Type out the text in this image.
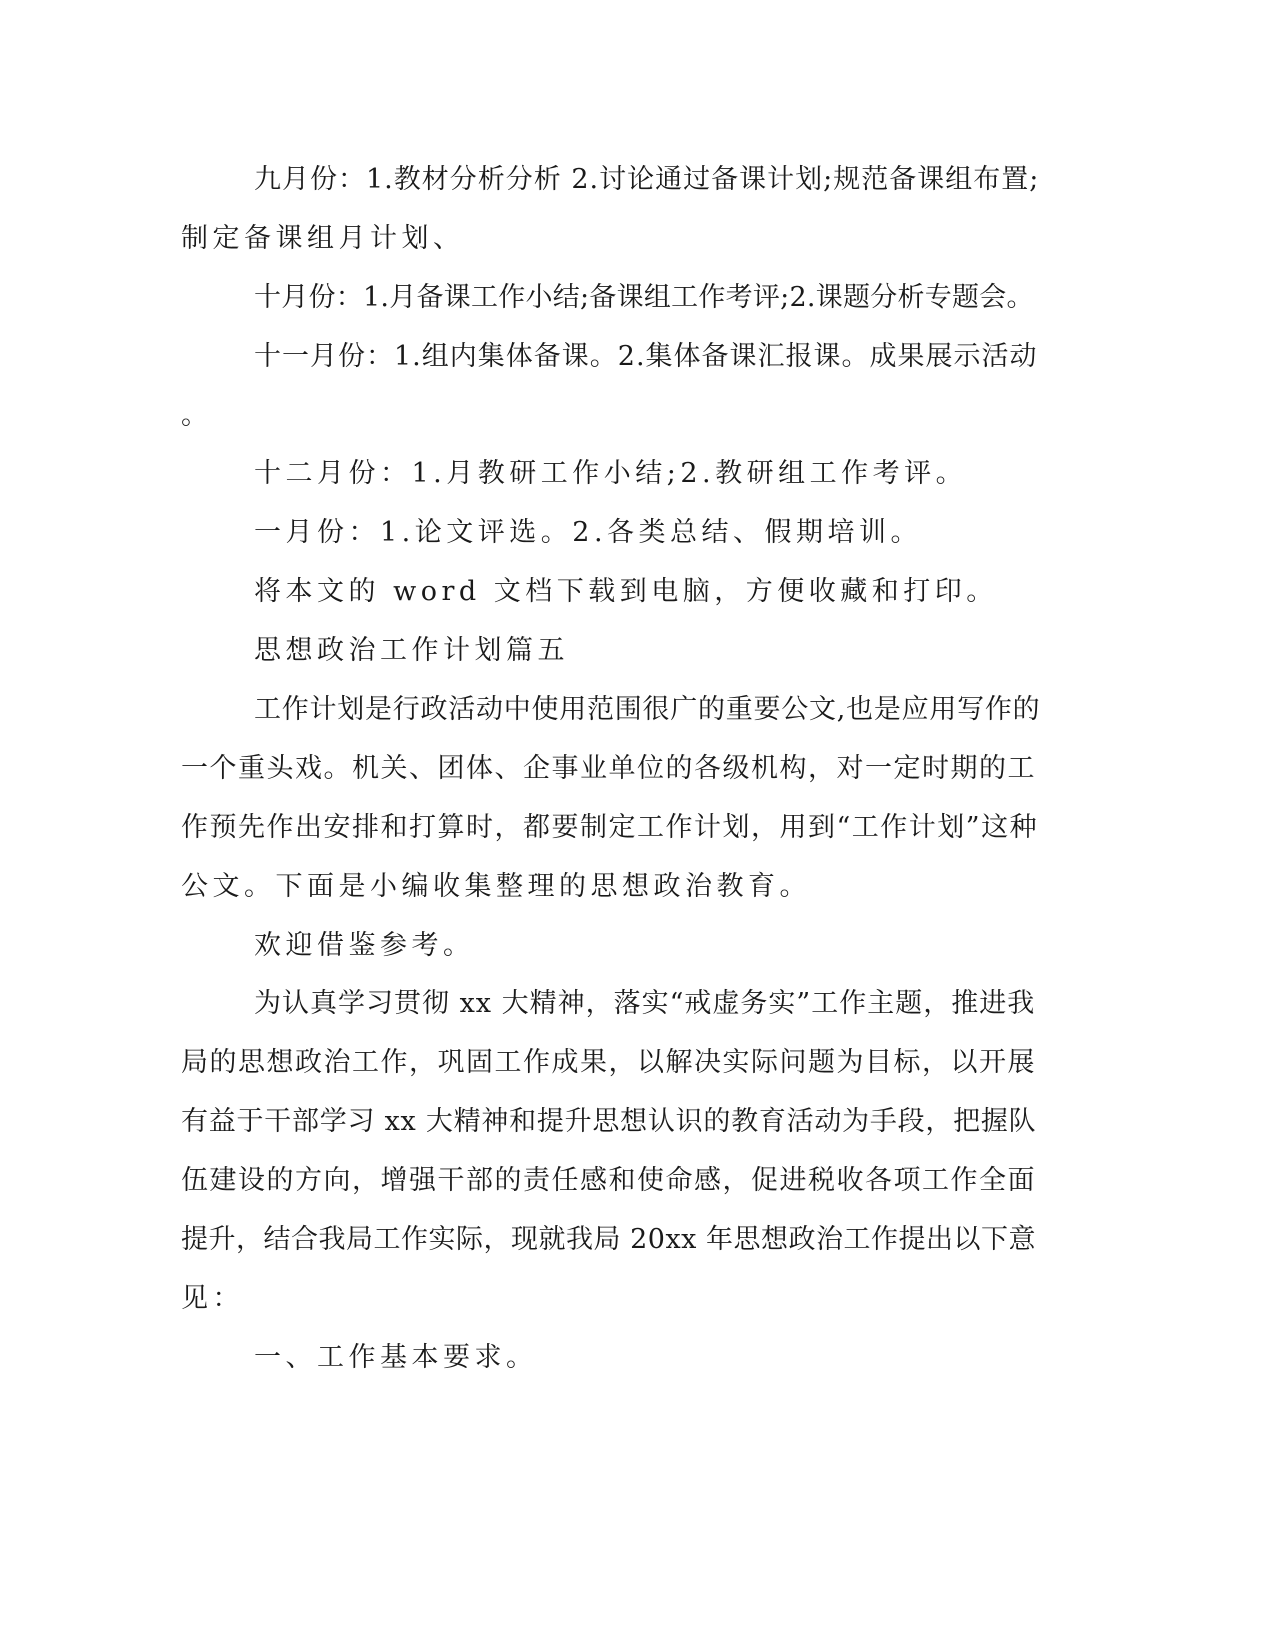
九月份：1.教材分析分析 2.讨论通过备课计划;规范备课组布置;

制定备课组月计划、

十月份：1.月备课工作小结;备课组工作考评;2.课题分析专题会。

十一月份：1.组内集体备课。2.集体备课汇报课。成果展示活动

。

十二月份：1.月教研工作小结;2.教研组工作考评。

一月份：1.论文评选。2.各类总结、假期培训。

将本文的 word 文档下载到电脑，方便收藏和打印。

思想政治工作计划篇五

工作计划是行政活动中使用范围很广的重要公文,也是应用写作的

一个重头戏。机关、团体、企事业单位的各级机构，对一定时期的工

作预先作出安排和打算时，都要制定工作计划，用到“工作计划”这种

公文。下面是小编收集整理的思想政治教育。

欢迎借鉴参考。

为认真学习贯彻 xx 大精神，落实“戒虚务实”工作主题，推进我

局的思想政治工作，巩固工作成果，以解决实际问题为目标，以开展

有益于干部学习 xx 大精神和提升思想认识的教育活动为手段，把握队

伍建设的方向，增强干部的责任感和使命感，促进税收各项工作全面

提升，结合我局工作实际，现就我局 20xx 年思想政治工作提出以下意

见：

一、工作基本要求。
